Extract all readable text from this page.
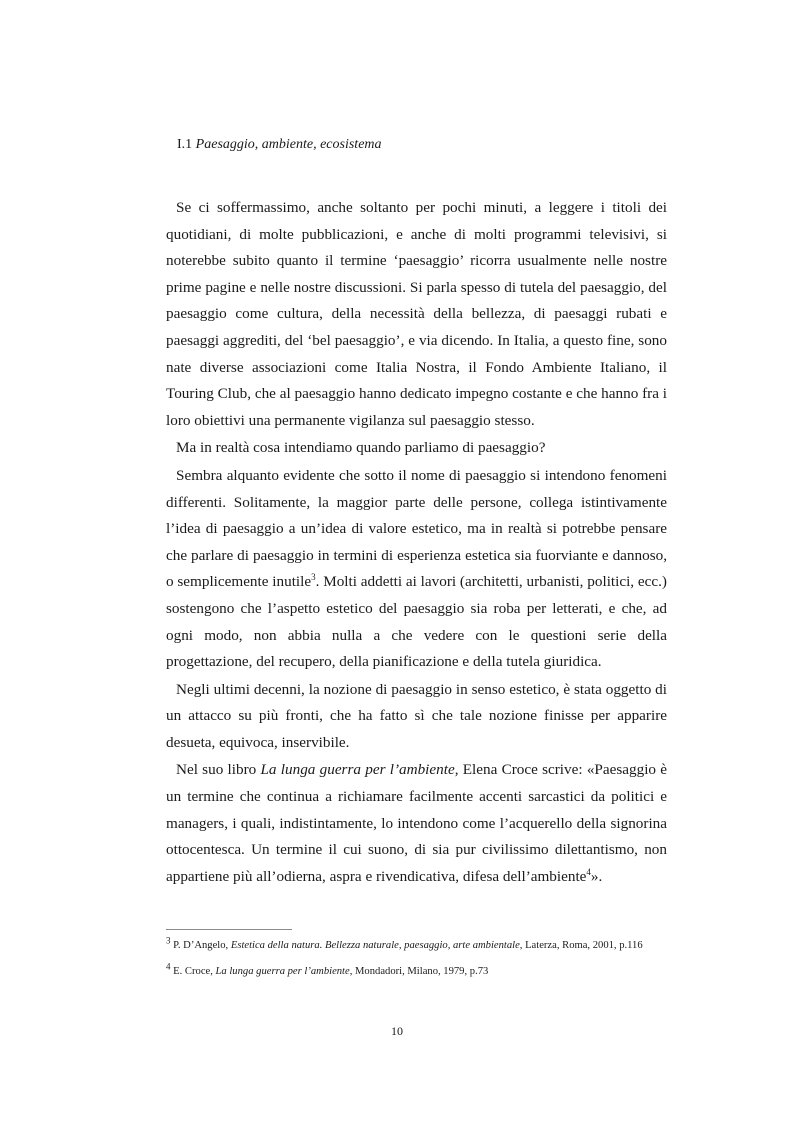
I.1 Paesaggio, ambiente, ecosistema

Se ci soffermassimo, anche soltanto per pochi minuti, a leggere i titoli dei quotidiani, di molte pubblicazioni, e anche di molti programmi televisivi, si noterebbe subito quanto il termine ‘paesaggio’ ricorra usualmente nelle nostre prime pagine e nelle nostre discussioni. Si parla spesso di tutela del paesaggio, del paesaggio come cultura, della necessità della bellezza, di paesaggi rubati e paesaggi aggrediti, del ‘bel paesaggio’, e via dicendo. In Italia, a questo fine, sono nate diverse associazioni come Italia Nostra, il Fondo Ambiente Italiano, il Touring Club, che al paesaggio hanno dedicato impegno costante e che hanno fra i loro obiettivi una permanente vigilanza sul paesaggio stesso.

Ma in realtà cosa intendiamo quando parliamo di paesaggio?

Sembra alquanto evidente che sotto il nome di paesaggio si intendono fenomeni differenti. Solitamente, la maggior parte delle persone, collega istintivamente l’idea di paesaggio a un’idea di valore estetico, ma in realtà si potrebbe pensare che parlare di paesaggio in termini di esperienza estetica sia fuorviante e dannoso, o semplicemente inutile$^3$. Molti addetti ai lavori (architetti, urbanisti, politici, ecc.) sostengono che l’aspetto estetico del paesaggio sia roba per letterati, e che, ad ogni modo, non abbia nulla a che vedere con le questioni serie della progettazione, del recupero, della pianificazione e della tutela giuridica.

Negli ultimi decenni, la nozione di paesaggio in senso estetico, è stata oggetto di un attacco su più fronti, che ha fatto sì che tale nozione finisse per apparire desueta, equivoca, inservibile.

Nel suo libro La lunga guerra per l’ambiente, Elena Croce scrive: «Paesaggio è un termine che continua a richiamare facilmente accenti sarcastici da politici e managers, i quali, indistintamente, lo intendono come l’acquerello della signorina ottocentesca. Un termine il cui suono, di sia pur civilissimo dilettantismo, non appartiene più all’odierna, aspra e rivendicativa, difesa dell’ambiente$^4$».

$^3$ P. D’Angelo, Estetica della natura. Bellezza naturale, paesaggio, arte ambientale, Laterza, Roma, 2001, p.116
$^4$ E. Croce, La lunga guerra per l’ambiente, Mondadori, Milano, 1979, p.73
10
